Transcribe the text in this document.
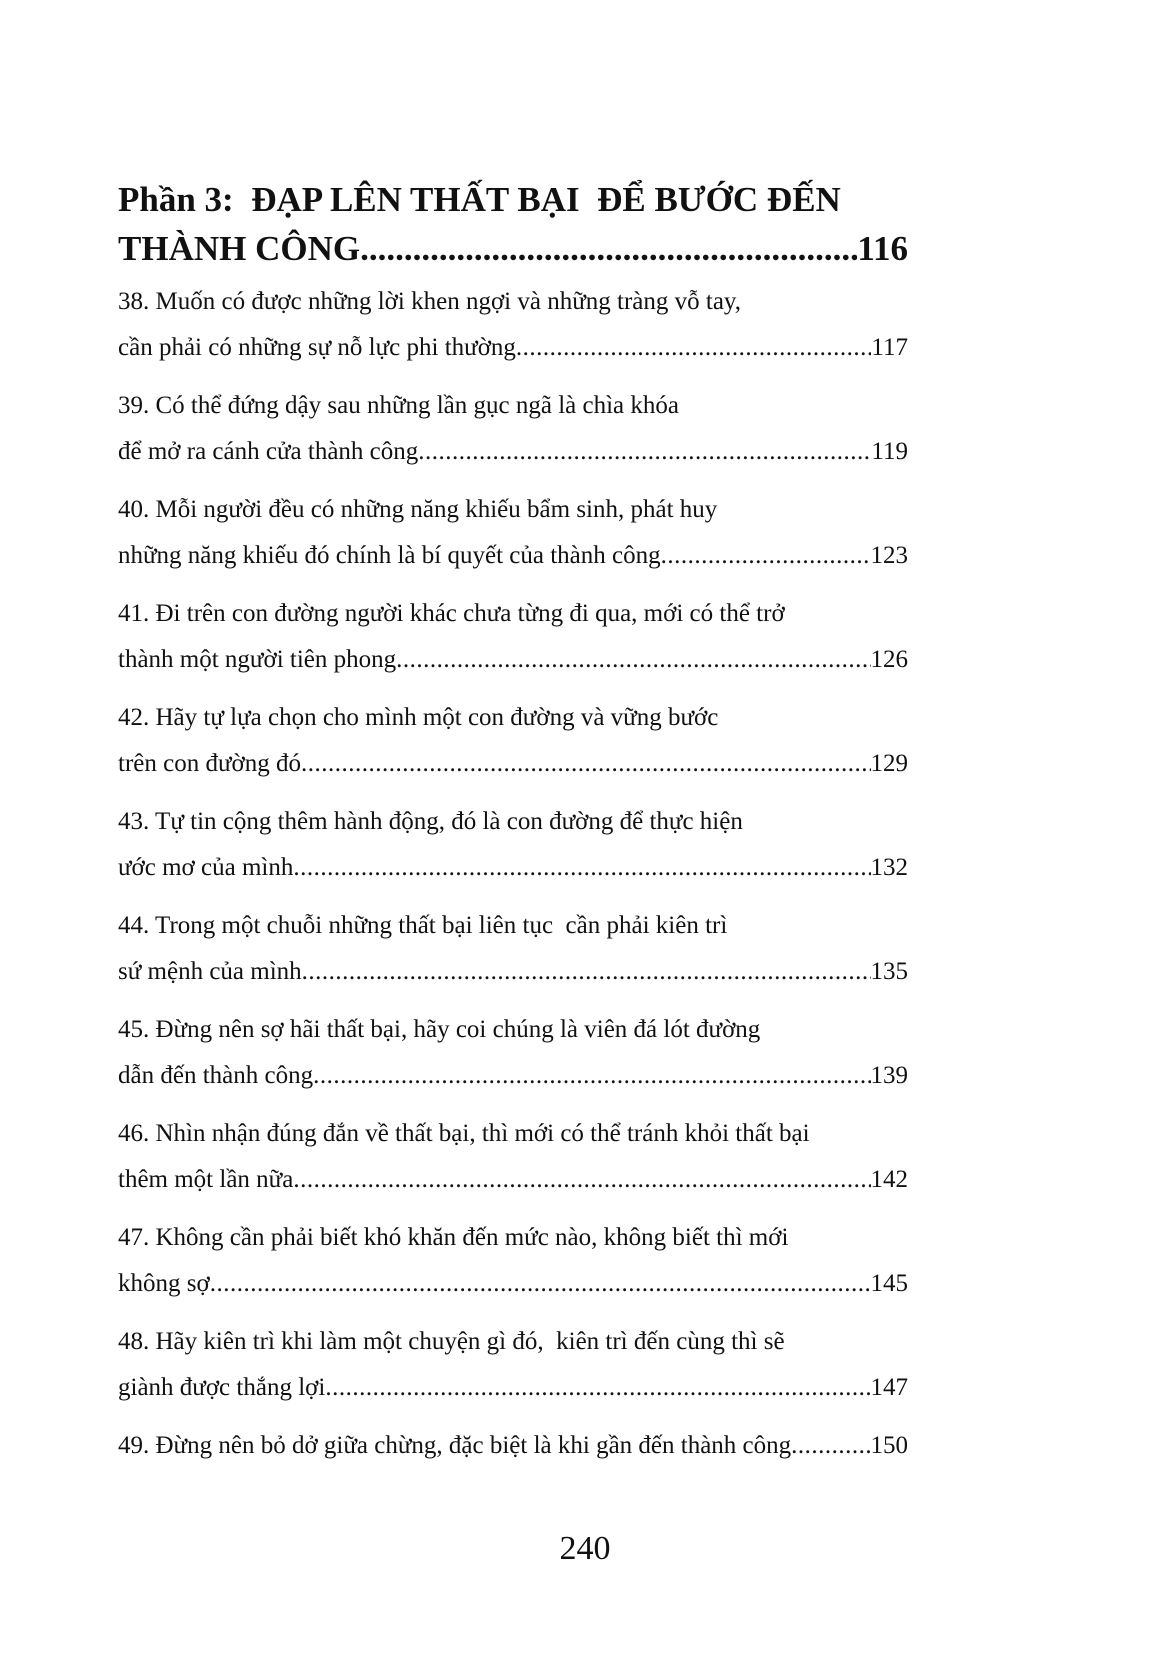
Phần 3:  ĐẠP LÊN THẤT BẠI  ĐỂ BƯỚC ĐẾN
THÀNH CÔNG .....	116
38. Muốn có được những lời khen ngợi và những tràng vỗ tay,
cần phải có những sự nỗ lực phi thường .....	117
39. Có thể đứng dậy sau những lần gục ngã là chìa khóa
để mở ra cánh cửa thành công .....	119
40. Mỗi người đều có những năng khiếu bẩm sinh, phát huy
những năng khiếu đó chính là bí quyết của thành công .....	123
41. Đi trên con đường người khác chưa từng đi qua, mới có thể trở
thành một người tiên phong .....	126
42. Hãy tự lựa chọn cho mình một con đường và vững bước
trên con đường đó .....	129
43. Tự tin cộng thêm hành động, đó là con đường để thực hiện
ước mơ của mình .....	132
44. Trong một chuỗi những thất bại liên tục  cần phải kiên trì
sứ mệnh của mình .....	135
45. Đừng nên sợ hãi thất bại, hãy coi chúng là viên đá lót đường
dẫn đến thành công .....	139
46. Nhìn nhận đúng đắn về thất bại, thì mới có thể tránh khỏi thất bại
thêm một lần nữa .....	142
47. Không cần phải biết khó khăn đến mức nào, không biết thì mới
không sợ .....	145
48. Hãy kiên trì khi làm một chuyện gì đó,  kiên trì đến cùng thì sẽ
giành được thắng lợi .....	147
49. Đừng nên bỏ dở giữa chừng, đặc biệt là khi gần đến thành công .....	150
240
